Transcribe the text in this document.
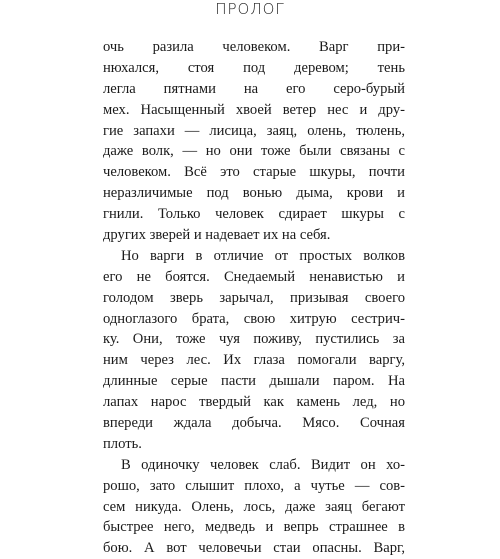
ПРОЛОГ
очь разила человеком. Варг при-
нюхался, стоя под деревом; тень
легла пятнами на его серо-бурый
мех. Насыщенный хвоей ветер нес и дру-
гие запахи — лисица, заяц, олень, тюлень,
даже волк, — но они тоже были связаны с
человеком. Всё это старые шкуры, почти
неразличимые под вонью дыма, крови и
гнили. Только человек сдирает шкуры с
других зверей и надевает их на себя.
Но варги в отличие от простых волков
его не боятся. Снедаемый ненавистью и
голодом зверь зарычал, призывая своего
одноглазого брата, свою хитрую сестрич-
ку. Они, тоже чуя поживу, пустились за
ним через лес. Их глаза помогали варгу,
длинные серые пасти дышали паром. На
лапах нарос твердый как камень лед, но
впереди ждала добыча. Мясо. Сочная
плоть.
В одиночку человек слаб. Видит он хо-
рошо, зато слышит плохо, а чутье — сов-
сем никуда. Олень, лось, даже заяц бегают
быстрее него, медведь и вепрь страшнее в
бою. А вот человечьи стаи опасны. Варг,
